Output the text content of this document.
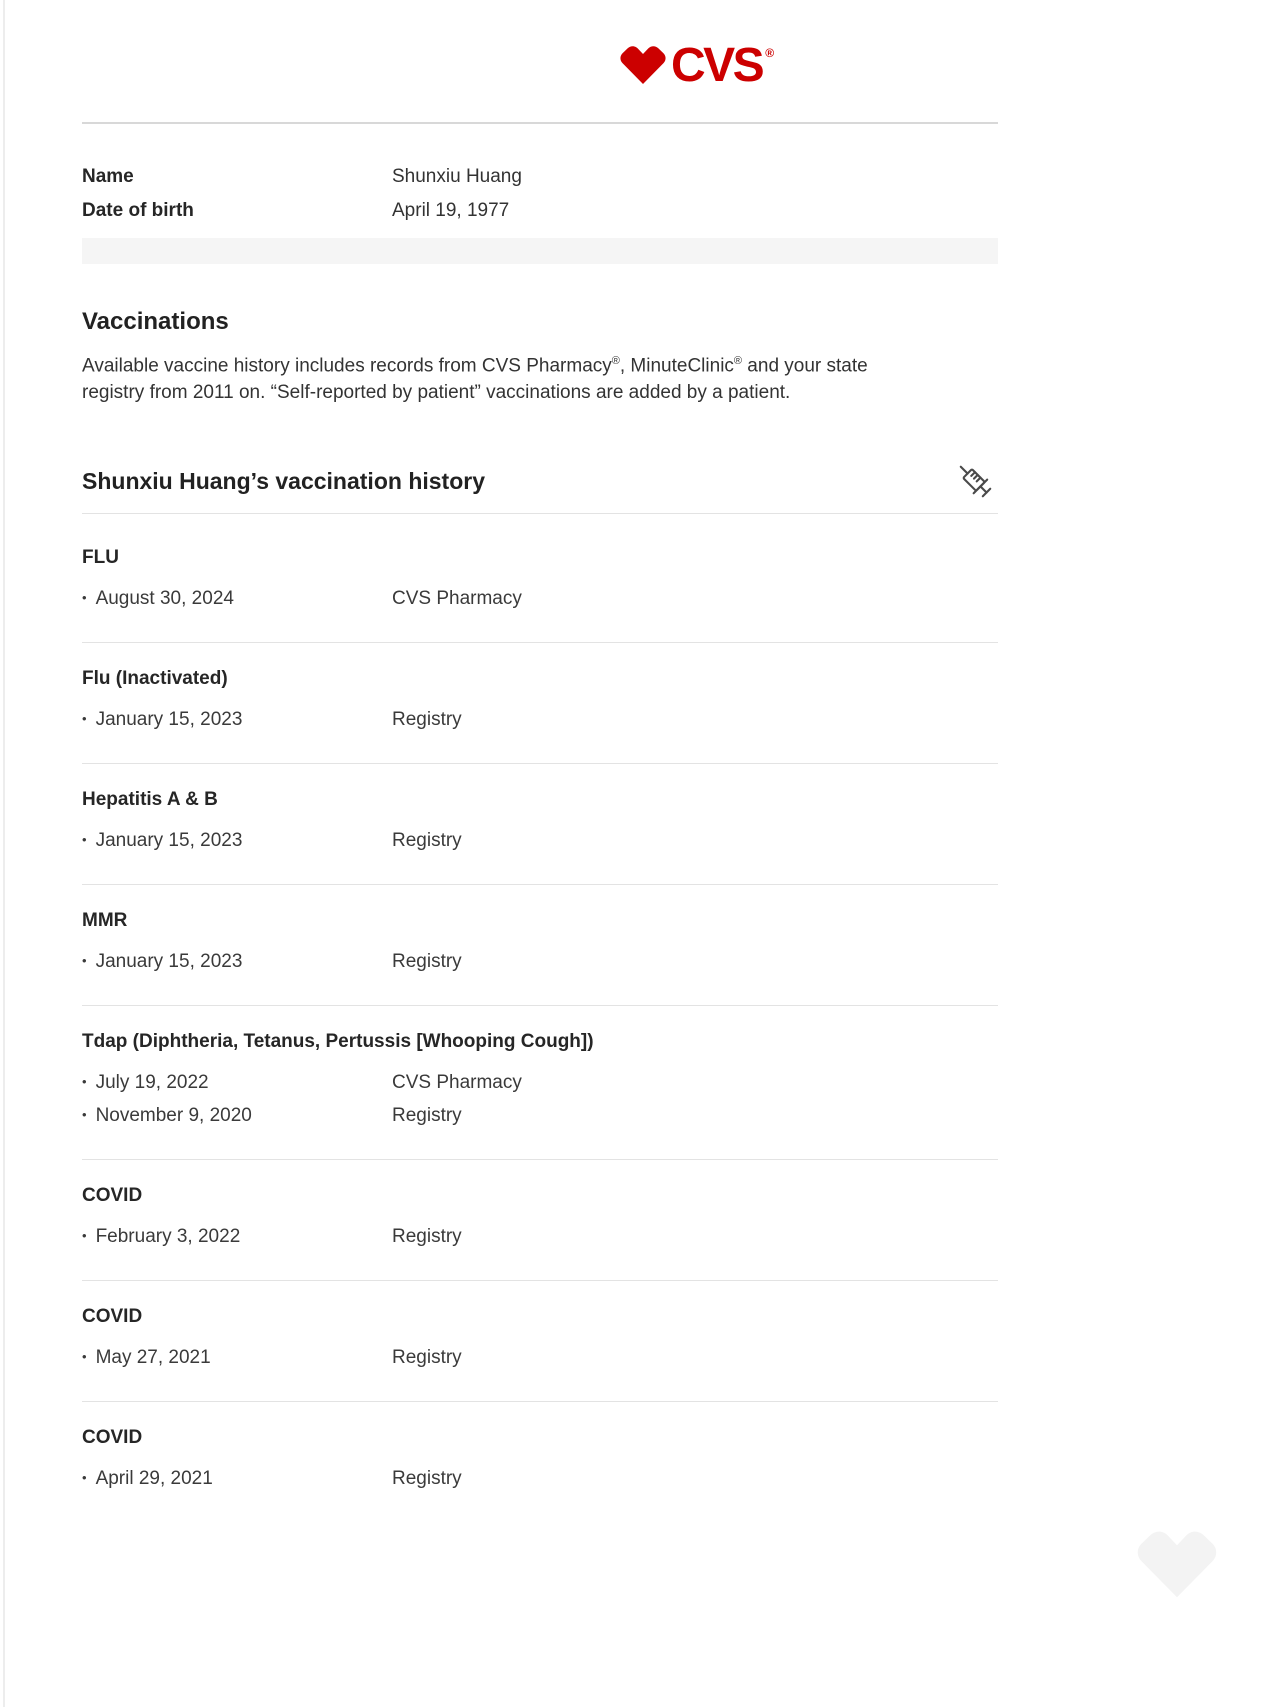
CVS ®
Name	Shunxiu Huang
Date of birth	April 19, 1977
Vaccinations

Available vaccine history includes records from CVS Pharmacy®, MinuteClinic® and your state registry from 2011 on. “Self-reported by patient” vaccinations are added by a patient.

Shunxiu Huang’s vaccination history
FLU
• August 30, 2024	CVS Pharmacy
Flu (Inactivated)
• January 15, 2023	Registry
Hepatitis A & B
• January 15, 2023	Registry
MMR
• January 15, 2023	Registry
Tdap (Diphtheria, Tetanus, Pertussis [Whooping Cough])
• July 19, 2022	CVS Pharmacy
• November 9, 2020	Registry
COVID
• February 3, 2022	Registry
COVID
• May 27, 2021	Registry
COVID
• April 29, 2021	Registry
